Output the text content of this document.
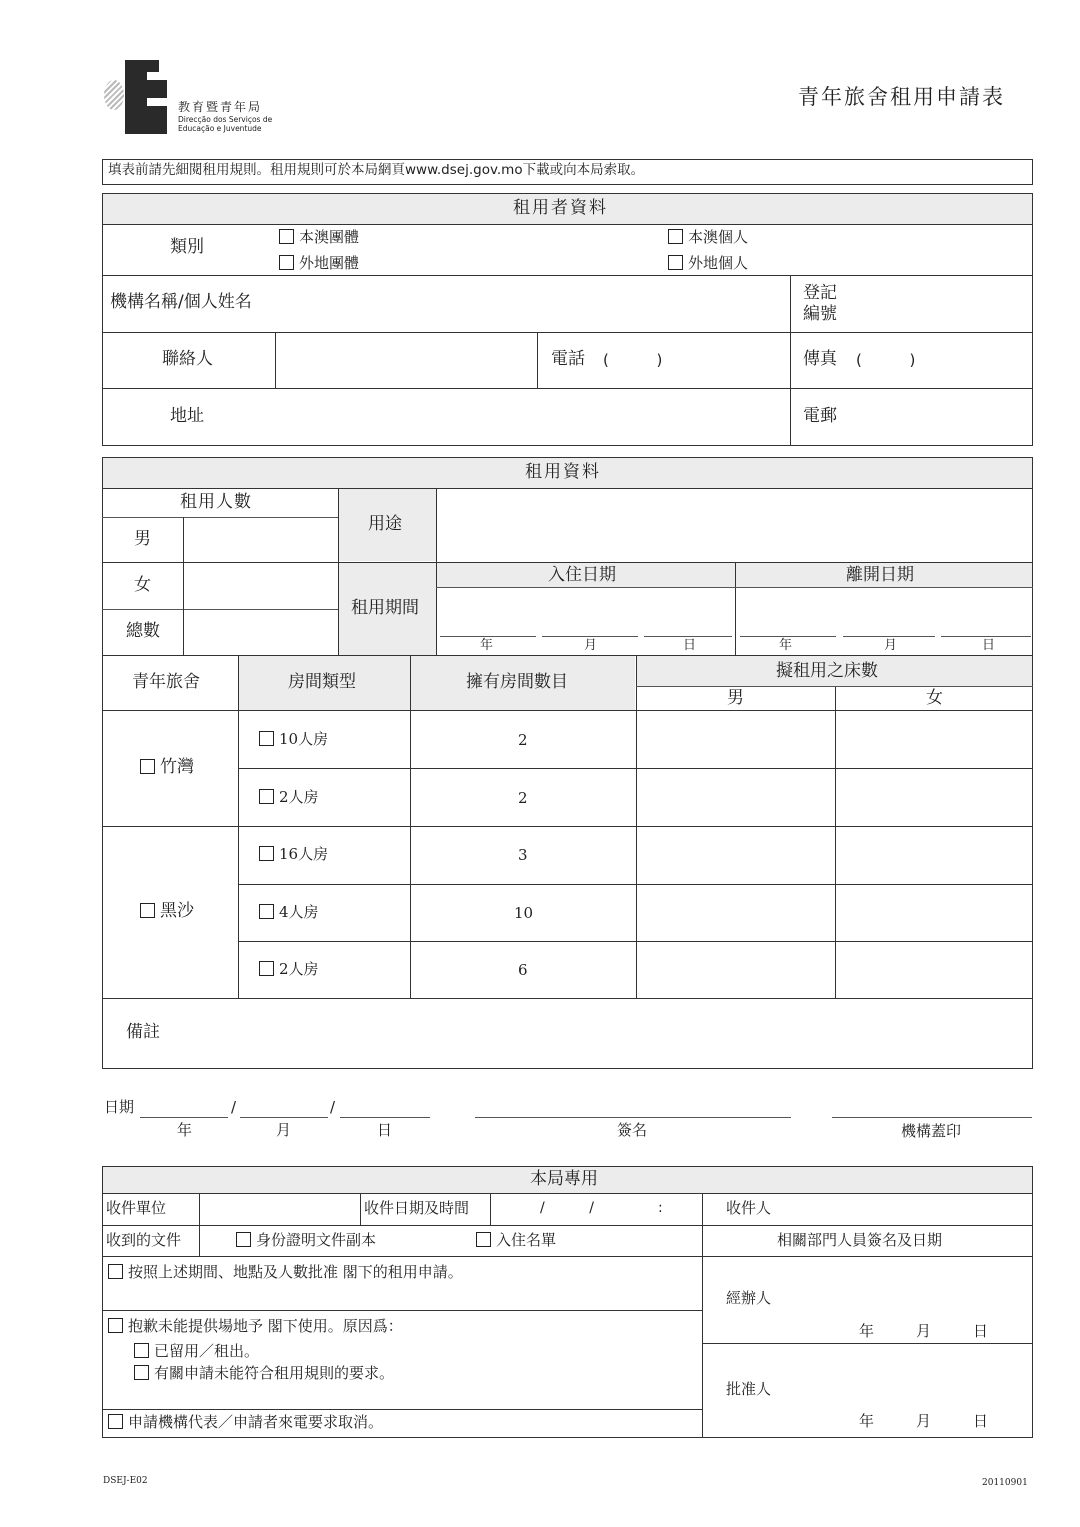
教育暨青年局
Direcção dos Serviços de
Educação e Juventude
青年旅舍租用申請表
填表前請先細閱租用規則。租用規則可於本局網頁www.dsej.gov.mo下載或向本局索取。
租用者資料
類別	本澳團體
外地團體
本澳個人
外地個人
機構名稱/個人姓名	登記
編號
聯絡人	電話 (          )	傳真 (          )
地址	電郵
租用資料
租用人數
男
女
總數
用途
租用期間
入住日期	離開日期
年	月	日	年	月	日
青年旅舍	房間類型	擁有房間數目
擬租用之床數
男	女
竹灣
10人房	2
2人房	2
黑沙
16人房	3
4人房	10
2人房	6
備註
日期	/	/
年	月	日	簽名	機構蓋印
本局專用
收件單位	收件日期及時間	/          /	:	收件人
收到的文件	身份證明文件副本	入住名單	相關部門人員簽名及日期
按照上述期間、地點及人數批准 閣下的租用申請。
抱歉未能提供場地予 閣下使用。原因爲：
已留用／租出。
有關申請未能符合租用規則的要求。
申請機構代表／申請者來電要求取消。
經辦人
年	月	日
批准人
年	月	日
DSEJ-E02	20110901
